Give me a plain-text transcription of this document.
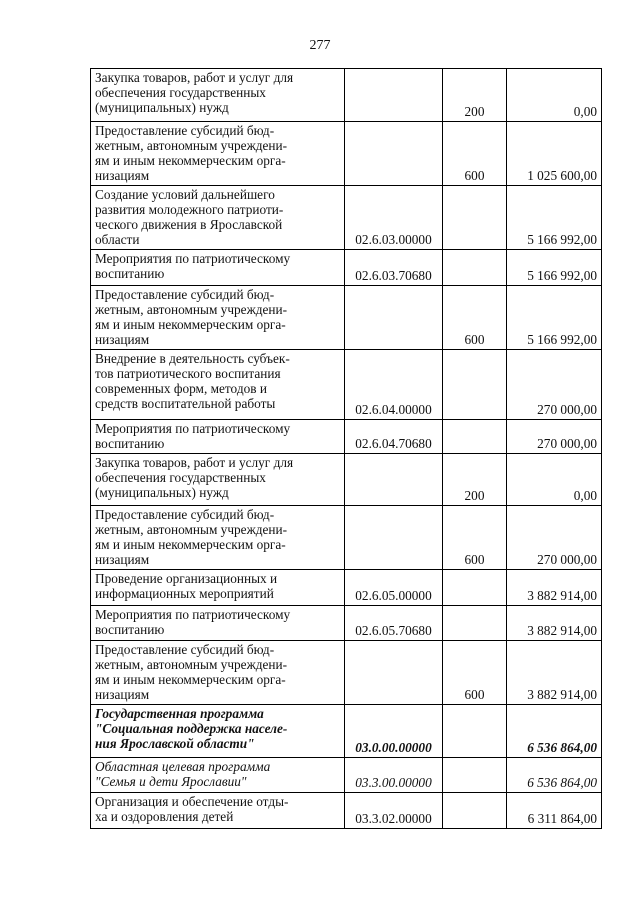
277
Закупка товаров, работ и услуг для
обеспечения государственных
(муниципальных) нужд		200	0,00
Предоставление субсидий бюд-
жетным, автономным учреждени-
ям и иным некоммерческим орга-
низациям		600	1 025 600,00
Создание условий дальнейшего
развития молодежного патриоти-
ческого движения в Ярославской
области	02.6.03.00000		5 166 992,00
Мероприятия по патриотическому
воспитанию	02.6.03.70680		5 166 992,00
Предоставление субсидий бюд-
жетным, автономным учреждени-
ям и иным некоммерческим орга-
низациям		600	5 166 992,00
Внедрение в деятельность субъек-
тов патриотического воспитания
современных форм, методов и
средств воспитательной работы	02.6.04.00000		270 000,00
Мероприятия по патриотическому
воспитанию	02.6.04.70680		270 000,00
Закупка товаров, работ и услуг для
обеспечения государственных
(муниципальных) нужд		200	0,00
Предоставление субсидий бюд-
жетным, автономным учреждени-
ям и иным некоммерческим орга-
низациям		600	270 000,00
Проведение организационных и
информационных мероприятий	02.6.05.00000		3 882 914,00
Мероприятия по патриотическому
воспитанию	02.6.05.70680		3 882 914,00
Предоставление субсидий бюд-
жетным, автономным учреждени-
ям и иным некоммерческим орга-
низациям		600	3 882 914,00
Государственная программа
"Социальная поддержка населе-
ния Ярославской области"	03.0.00.00000		6 536 864,00
Областная целевая программа
"Семья и дети Ярославии"	03.3.00.00000		6 536 864,00
Организация и обеспечение отды-
ха и оздоровления детей	03.3.02.00000		6 311 864,00
